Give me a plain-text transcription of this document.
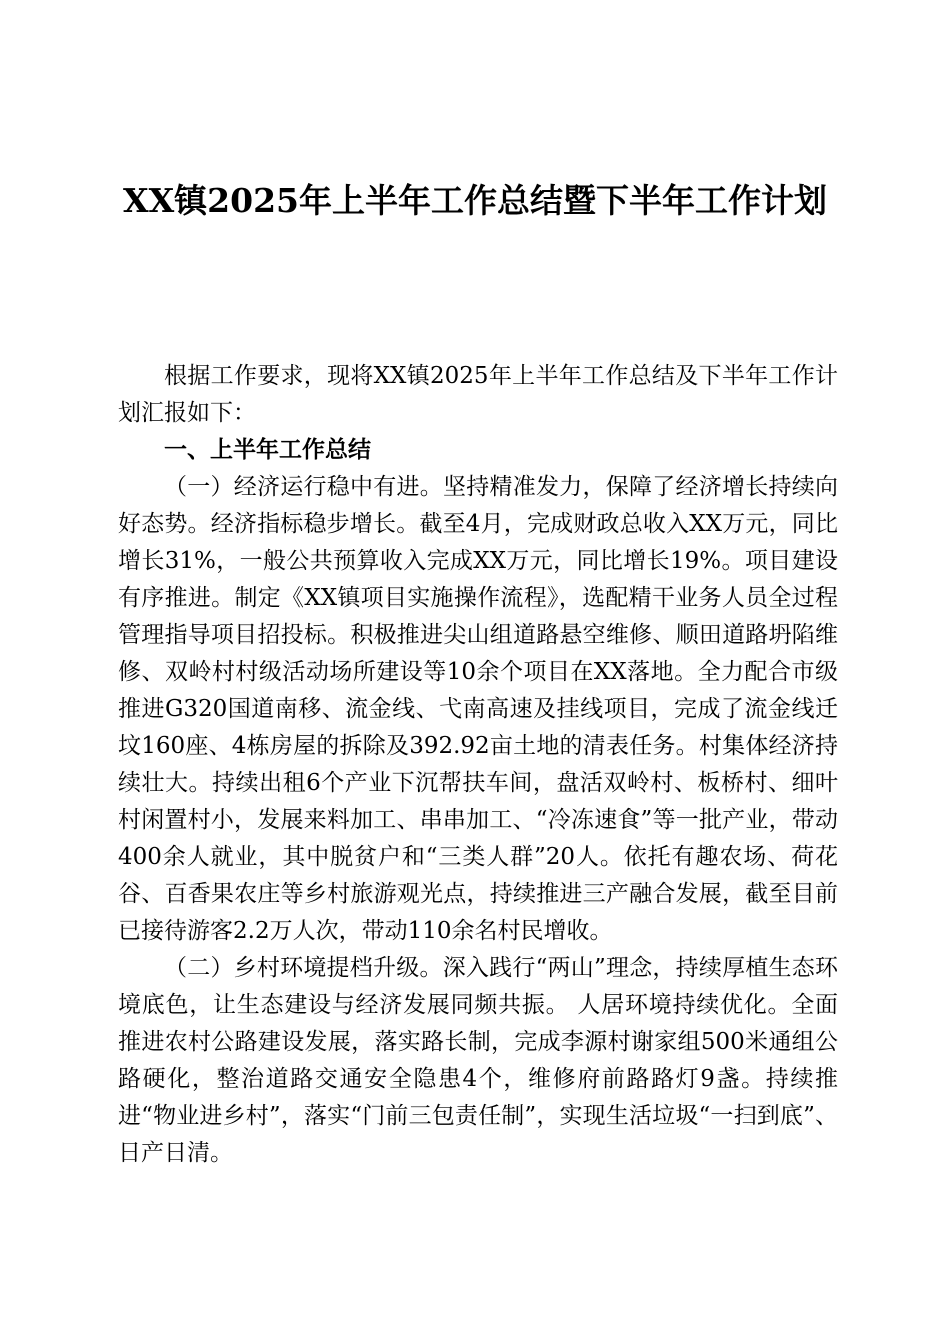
XX镇2025年上半年工作总结暨下半年工作计划

根据工作要求，现将XX镇2025年上半年工作总结及下半年工作计划汇报如下：

一、上半年工作总结

（一）经济运行稳中有进。坚持精准发力，保障了经济增长持续向好态势。经济指标稳步增长。截至4月，完成财政总收入XX万元，同比增长31%，一般公共预算收入完成XX万元，同比增长19%。项目建设有序推进。制定《XX镇项目实施操作流程》，选配精干业务人员全过程管理指导项目招投标。积极推进尖山组道路悬空维修、顺田道路坍陷维修、双岭村村级活动场所建设等10余个项目在XX落地。全力配合市级推进G320国道南移、流金线、弋南高速及挂线项目，完成了流金线迁坟160座、4栋房屋的拆除及392.92亩土地的清表任务。村集体经济持续壮大。持续出租6个产业下沉帮扶车间，盘活双岭村、板桥村、细叶村闲置村小，发展来料加工、串串加工、“冷冻速食”等一批产业，带动400余人就业，其中脱贫户和“三类人群”20人。依托有趣农场、荷花谷、百香果农庄等乡村旅游观光点，持续推进三产融合发展，截至目前已接待游客2.2万人次，带动110余名村民增收。

（二）乡村环境提档升级。深入践行“两山”理念，持续厚植生态环境底色，让生态建设与经济发展同频共振。 人居环境持续优化。全面推进农村公路建设发展，落实路长制，完成李源村谢家组500米通组公路硬化，整治道路交通安全隐患4个，维修府前路路灯9盏。持续推进“物业进乡村”，落实“门前三包责任制”，实现生活垃圾“一扫到底”、日产日清。
